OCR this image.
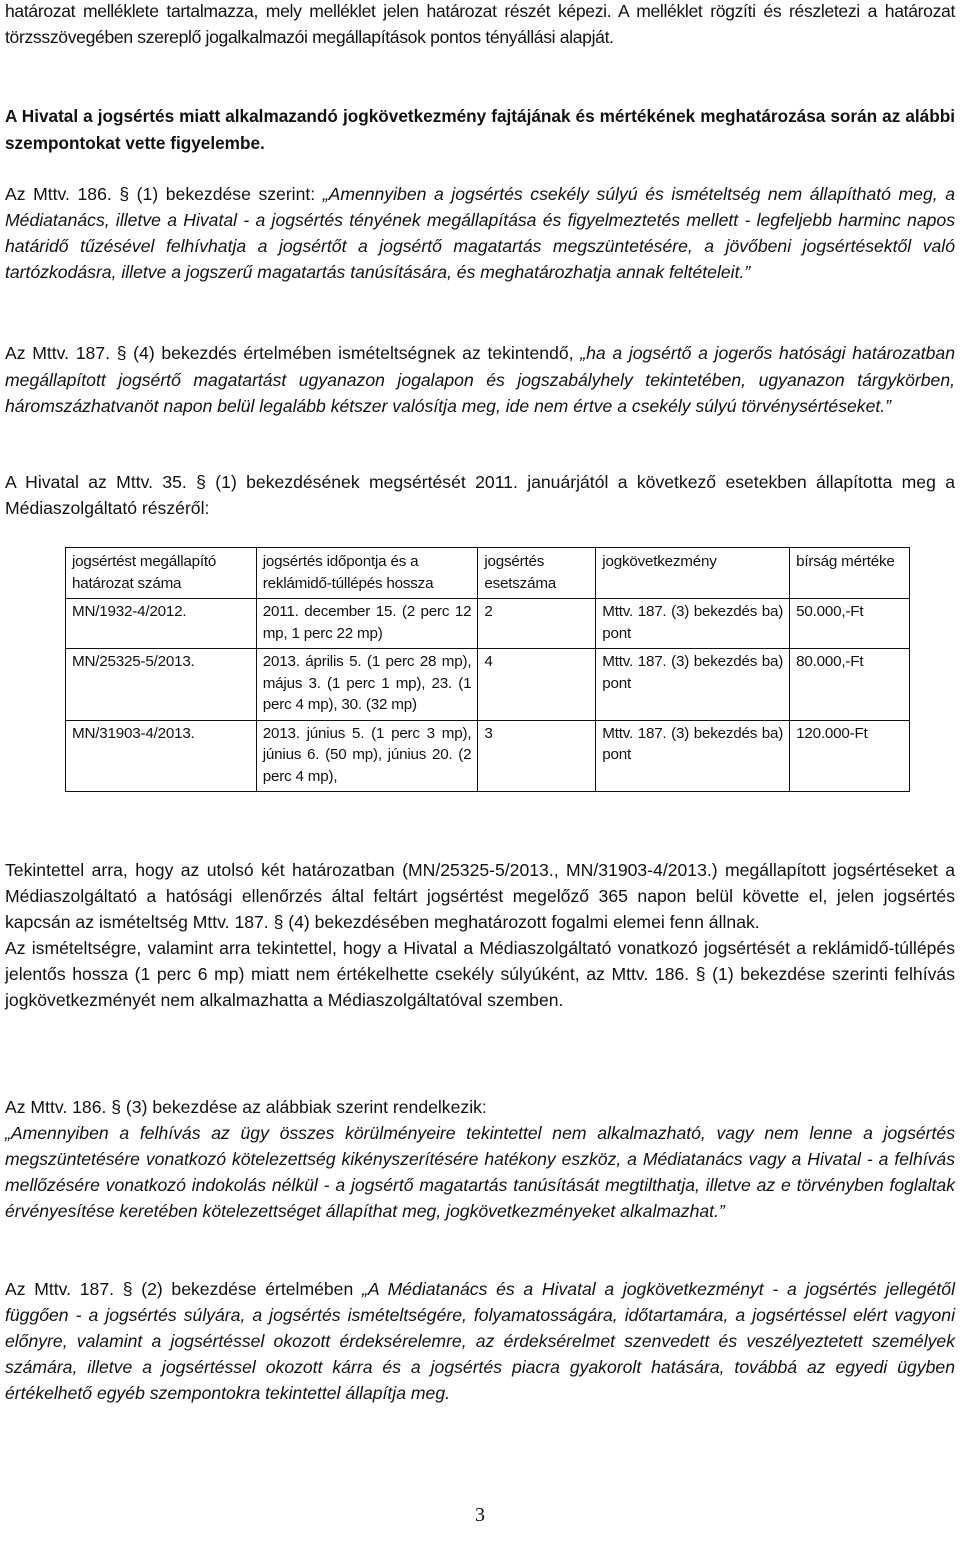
határozat melléklete tartalmazza, mely melléklet jelen határozat részét képezi. A melléklet rögzíti és részletezi a határozat törzsszövegében szereplő jogalkalmazói megállapítások pontos tényállási alapját.

A Hivatal a jogsértés miatt alkalmazandó jogkövetkezmény fajtájának és mértékének meghatározása során az alábbi szempontokat vette figyelembe.

Az Mttv. 186. § (1) bekezdése szerint: „Amennyiben a jogsértés csekély súlyú és ismételtség nem állapítható meg, a Médiatanács, illetve a Hivatal - a jogsértés tényének megállapítása és figyelmeztetés mellett - legfeljebb harminc napos határidő tűzésével felhívhatja a jogsértőt a jogsértő magatartás megszüntetésére, a jövőbeni jogsértésektől való tartózkodásra, illetve a jogszerű magatartás tanúsítására, és meghatározhatja annak feltételeit.”

Az Mttv. 187. § (4) bekezdés értelmében ismételtségnek az tekintendő, „ha a jogsértő a jogerős hatósági határozatban megállapított jogsértő magatartást ugyanazon jogalapon és jogszabályhely tekintetében, ugyanazon tárgykörben, háromszázhatvanöt napon belül legalább kétszer valósítja meg, ide nem értve a csekély súlyú törvénysértéseket.”

A Hivatal az Mttv. 35. § (1) bekezdésének megsértését 2011. januárjától a következő esetekben állapította meg a Médiaszolgáltató részéről:

jogsértést megállapító határozat száma	jogsértés időpontja és a reklámidő-túllépés hossza	jogsértés esetszáma	jogkövetkezmény	bírság mértéke
MN/1932-4/2012.	2011. december 15. (2 perc 12 mp, 1 perc 22 mp)	2	Mttv. 187. (3) bekezdés ba) pont	50.000,-Ft
MN/25325-5/2013.	2013. április 5. (1 perc 28 mp), május 3. (1 perc 1 mp), 23. (1 perc 4 mp), 30. (32 mp)	4	Mttv. 187. (3) bekezdés ba) pont	80.000,-Ft
MN/31903-4/2013.	2013. június 5. (1 perc 3 mp), június 6. (50 mp), június 20. (2 perc 4 mp),	3	Mttv. 187. (3) bekezdés ba) pont	120.000-Ft

Tekintettel arra, hogy az utolsó két határozatban (MN/25325-5/2013., MN/31903-4/2013.) megállapított jogsértéseket a Médiaszolgáltató a hatósági ellenőrzés által feltárt jogsértést megelőző 365 napon belül követte el, jelen jogsértés kapcsán az ismételtség Mttv. 187. § (4) bekezdésében meghatározott fogalmi elemei fenn állnak.

Az ismételtségre, valamint arra tekintettel, hogy a Hivatal a Médiaszolgáltató vonatkozó jogsértését a reklámidő-túllépés jelentős hossza (1 perc 6 mp) miatt nem értékelhette csekély súlyúként, az Mttv. 186. § (1) bekezdése szerinti felhívás jogkövetkezményét nem alkalmazhatta a Médiaszolgáltatóval szemben.

Az Mttv. 186. § (3) bekezdése az alábbiak szerint rendelkezik:

„Amennyiben a felhívás az ügy összes körülményeire tekintettel nem alkalmazható, vagy nem lenne a jogsértés megszüntetésére vonatkozó kötelezettség kikényszerítésére hatékony eszköz, a Médiatanács vagy a Hivatal - a felhívás mellőzésére vonatkozó indokolás nélkül - a jogsértő magatartás tanúsítását megtilthatja, illetve az e törvényben foglaltak érvényesítése keretében kötelezettséget állapíthat meg, jogkövetkezményeket alkalmazhat.”

Az Mttv. 187. § (2) bekezdése értelmében „A Médiatanács és a Hivatal a jogkövetkezményt - a jogsértés jellegétől függően - a jogsértés súlyára, a jogsértés ismételtségére, folyamatosságára, időtartamára, a jogsértéssel elért vagyoni előnyre, valamint a jogsértéssel okozott érdeksérelemre, az érdeksérelmet szenvedett és veszélyeztetett személyek számára, illetve a jogsértéssel okozott kárra és a jogsértés piacra gyakorolt hatására, továbbá az egyedi ügyben értékelhető egyéb szempontokra tekintettel állapítja meg.

3
